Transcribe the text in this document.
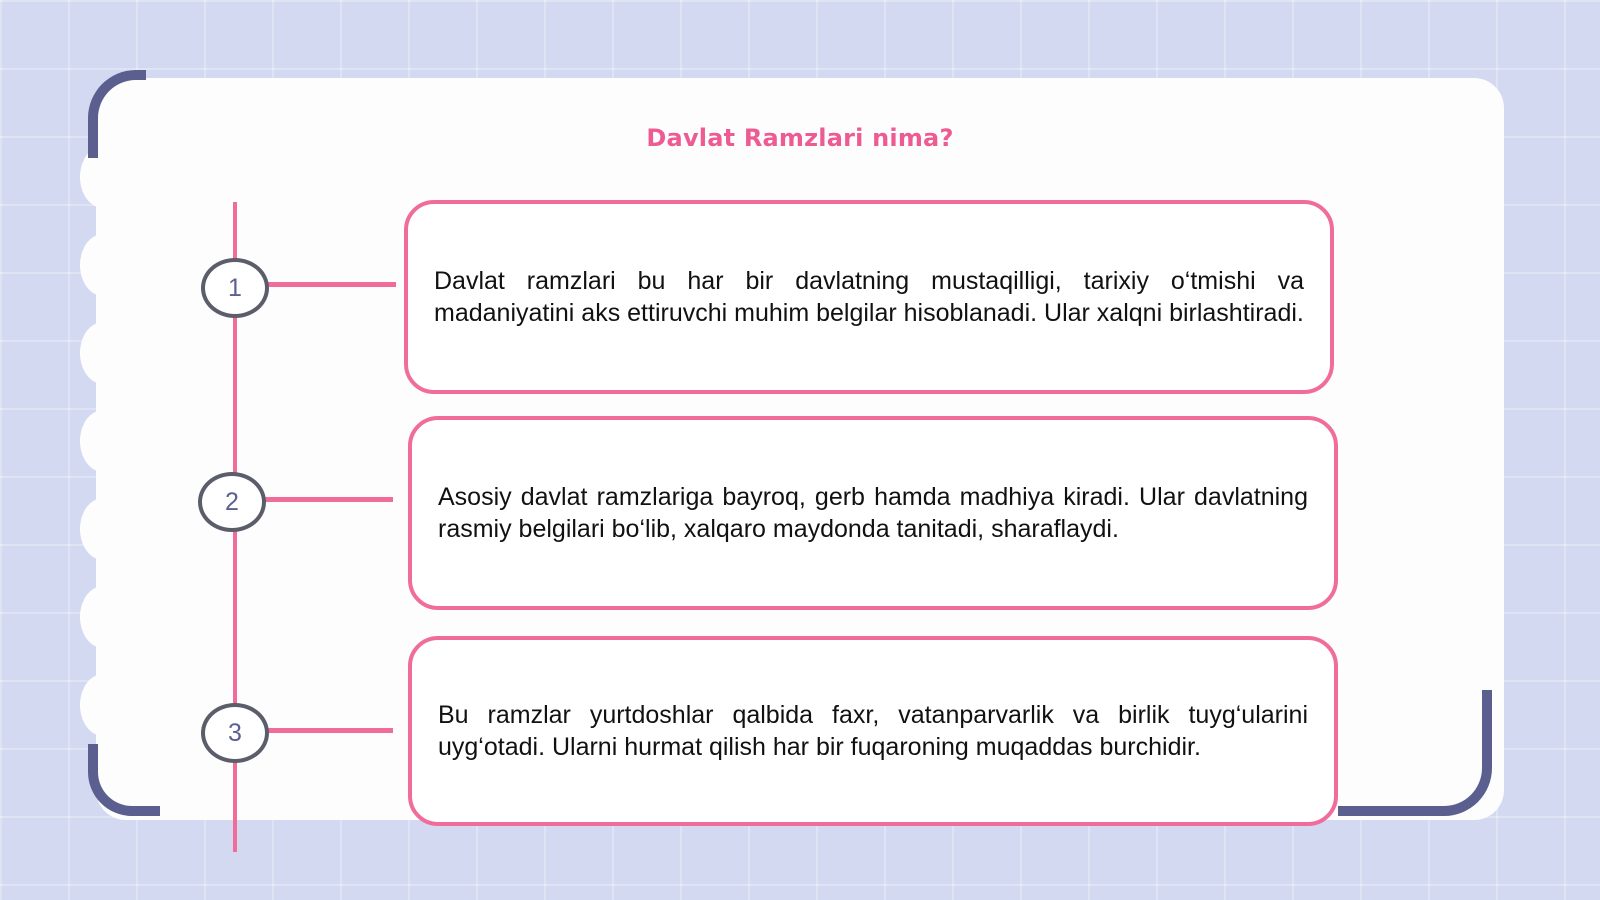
Davlat Ramzlari nima?
1	Davlat ramzlari bu har bir davlatning mustaqilligi, tarixiy o‘tmishi va madaniyatini aks ettiruvchi muhim belgilar hisoblanadi. Ular xalqni birlashtiradi.

2	Asosiy davlat ramzlariga bayroq, gerb hamda madhiya kiradi. Ular davlatning rasmiy belgilari bo‘lib, xalqaro maydonda tanitadi, sharaflaydi.

3

Bu ramzlar yurtdoshlar qalbida faxr, vatanparvarlik va birlik tuyg‘ularini uyg‘otadi. Ularni hurmat qilish har bir fuqaroning muqaddas burchidir.
